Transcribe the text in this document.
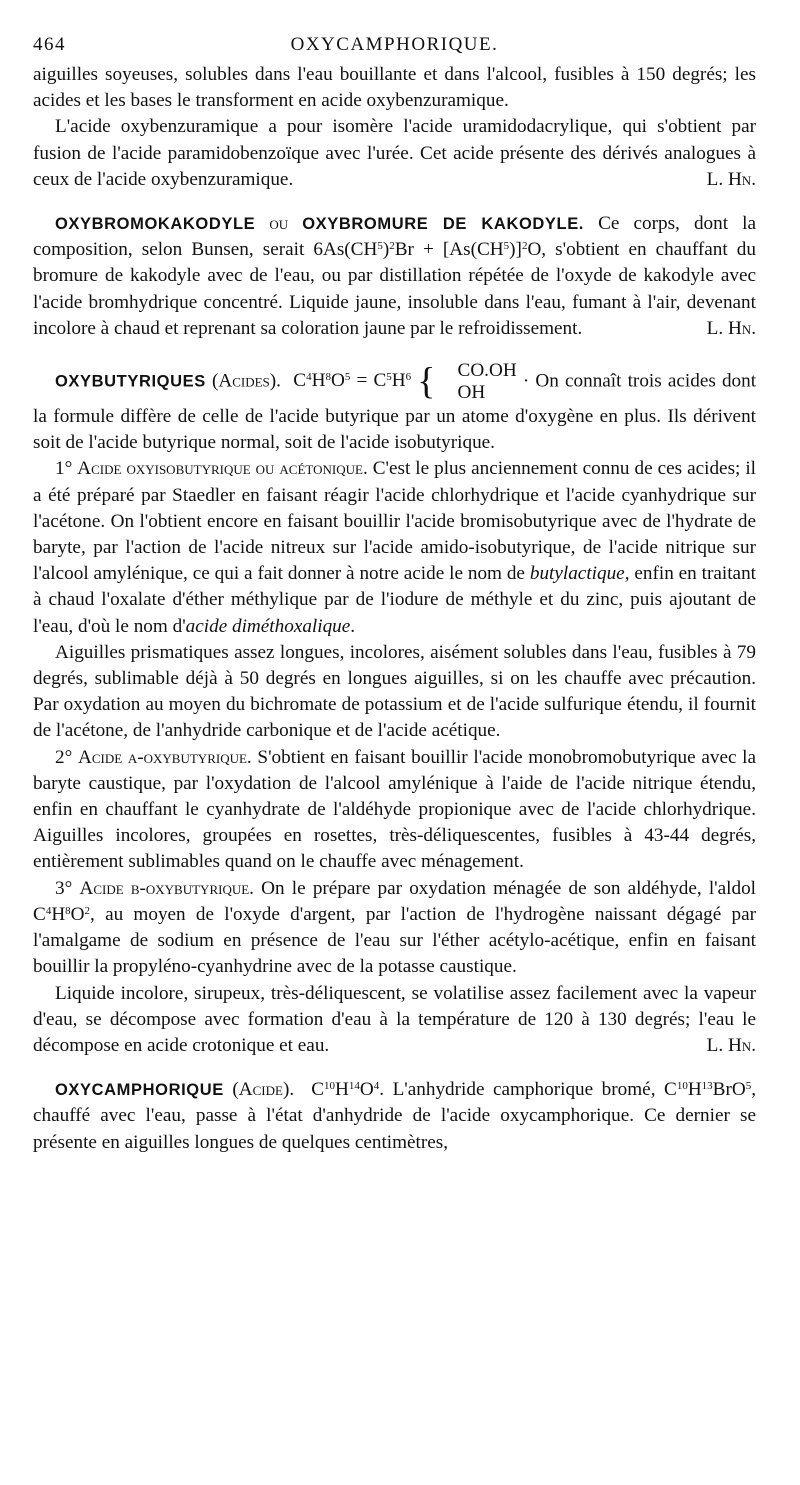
464	OXYCAMPHORIQUE.

aiguilles soyeuses, solubles dans l'eau bouillante et dans l'alcool, fusibles à 150 degrés; les acides et les bases le transforment en acide oxybenzuramique.

L'acide oxybenzuramique a pour isomère l'acide uramidodacrylique, qui s'obtient par fusion de l'acide paramidobenzoïque avec l'urée. Cet acide présente des dérivés analogues à ceux de l'acide oxybenzuramique.	L. Hn.

OXYBROMOKAKODYLE ou OXYBROMURE DE KAKODYLE. Ce corps, dont la composition, selon Bunsen, serait $6As(CH^5)^2Br + [As(CH^5)]^2O$, s'obtient en chauffant du bromure de kakodyle avec de l'eau, ou par distillation répétée de l'oxyde de kakodyle avec l'acide bromhydrique concentré. Liquide jaune, insoluble dans l'eau, fumant à l'air, devenant incolore à chaud et reprenant sa coloration jaune par le refroidissement.	L. Hn.

OXYBUTYRIQUES (Acides). $C^4H^8O^5 = C^5H^6$ {	CO.OH
OH
· On connaît trois acides dont la formule diffère de celle de l'acide butyrique par un atome d'oxygène en plus. Ils dérivent soit de l'acide butyrique normal, soit de l'acide isobutyrique.

1° Acide oxyisobutyrique ou acétonique. C'est le plus anciennement connu de ces acides; il a été préparé par Staedler en faisant réagir l'acide chlorhydrique et l'acide cyanhydrique sur l'acétone. On l'obtient encore en faisant bouillir l'acide bromisobutyrique avec de l'hydrate de baryte, par l'action de l'acide nitreux sur l'acide amido-isobutyrique, de l'acide nitrique sur l'alcool amylénique, ce qui a fait donner à notre acide le nom de butylactique, enfin en traitant à chaud l'oxalate d'éther méthylique par de l'iodure de méthyle et du zinc, puis ajoutant de l'eau, d'où le nom d'acide diméthoxalique.

Aiguilles prismatiques assez longues, incolores, aisément solubles dans l'eau, fusibles à 79 degrés, sublimable déjà à 50 degrés en longues aiguilles, si on les chauffe avec précaution. Par oxydation au moyen du bichromate de potassium et de l'acide sulfurique étendu, il fournit de l'acétone, de l'anhydride carbonique et de l'acide acétique.

2° Acide α-oxybutyrique. S'obtient en faisant bouillir l'acide monobromobutyrique avec la baryte caustique, par l'oxydation de l'alcool amylénique à l'aide de l'acide nitrique étendu, enfin en chauffant le cyanhydrate de l'aldéhyde propionique avec de l'acide chlorhydrique. Aiguilles incolores, groupées en rosettes, très-déliquescentes, fusibles à 43-44 degrés, entièrement sublimables quand on le chauffe avec ménagement.

3° Acide β-oxybutyrique. On le prépare par oxydation ménagée de son aldéhyde, l'aldol $C^4H^8O^2$, au moyen de l'oxyde d'argent, par l'action de l'hydrogène naissant dégagé par l'amalgame de sodium en présence de l'eau sur l'éther acétylo-acétique, enfin en faisant bouillir la propyléno-cyanhydrine avec de la potasse caustique.

Liquide incolore, sirupeux, très-déliquescent, se volatilise assez facilement avec la vapeur d'eau, se décompose avec formation d'eau à la température de 120 à 130 degrés; l'eau le décompose en acide crotonique et eau.	L. Hn.

OXYCAMPHORIQUE (Acide). $C^{10}H^{14}O^4$. L'anhydride camphorique bromé, $C^{10}H^{13}BrO^5$, chauffé avec l'eau, passe à l'état d'anhydride de l'acide oxycamphorique. Ce dernier se présente en aiguilles longues de quelques centimètres,
